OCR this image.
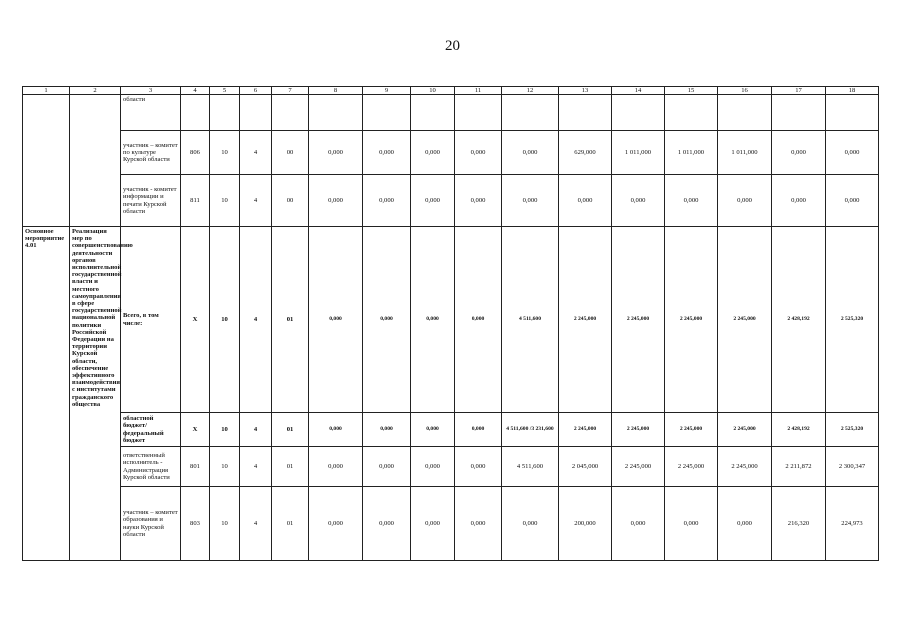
20
1	2	3	4	5	6	7	8	9	10	11	12	13	14	15	16	17	18
		области															
		участник – комитет по культуре Курской области	806	10	4	00	0,000	0,000	0,000	0,000	0,000	629,000	1 011,000	1 011,000	1 011,000	0,000	0,000
		участник - комитет информации и печати Курской области	811	10	4	00	0,000	0,000	0,000	0,000	0,000	0,000	0,000	0,000	0,000	0,000	0,000
Основное мероприятие 4.01	Реализация мер по совершенствованию деятельности органов исполнительной государственной власти и местного самоуправления в сфере государственной национальной политики Российской Федерации на территории Курской области, обеспечение эффективного взаимодействия с институтами гражданского общества	Всего, в том числе:	X	10	4	01	0,000	0,000	0,000	0,000	4 511,600	2 245,000	2 245,000	2 245,000	2 245,000	2 428,192	2 525,320
		областной бюджет/ федеральный бюджет	X	10	4	01	0,000	0,000	0,000	0,000	4 511,600 /3 231,600	2 245,000	2 245,000	2 245,000	2 245,000	2 428,192	2 525,320
		ответственный исполнитель - Администрация Курской области	801	10	4	01	0,000	0,000	0,000	0,000	4 511,600	2 045,000	2 245,000	2 245,000	2 245,000	2 211,872	2 300,347
		участник – комитет образования и науки Курской области	803	10	4	01	0,000	0,000	0,000	0,000	0,000	200,000	0,000	0,000	0,000	216,320	224,973
